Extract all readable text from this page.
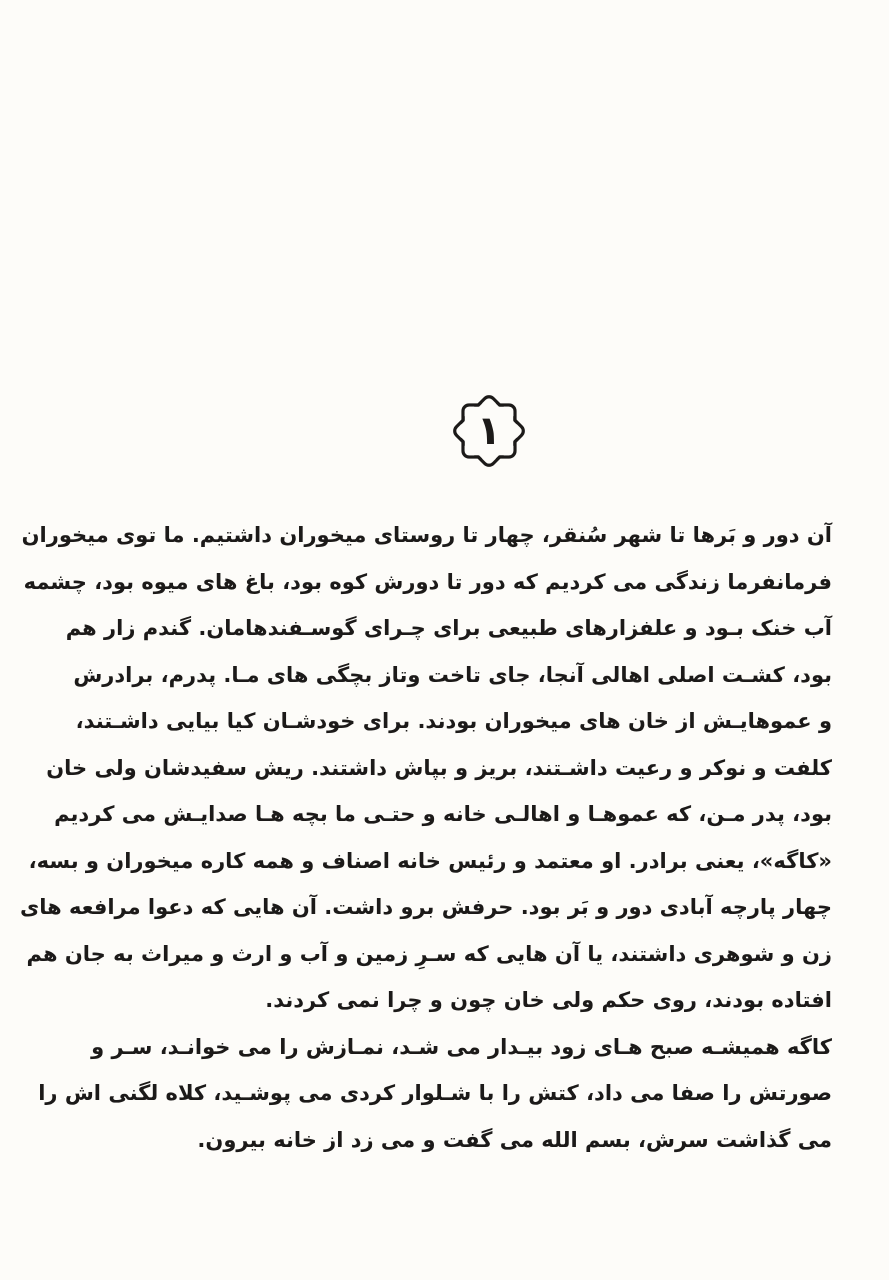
۱
آن دور و بَرها تا شهر سُنقر، چهار تا روستای میخوران داشتیم. ما توی میخوران
فرمانفرما زندگی می کردیم که دور تا دورش کوه بود، باغ های میوه بود، چشمه
آب خنک بـود و علفزارهای طبیعی برای چـرای گوسـفندهامان. گندم زار هم
بود، کشـت اصلی اهالی آنجا، جای تاخت وتاز بچگی های مـا. پدرم، برادرش
و عموهایـش از خان های میخوران بودند. برای خودشـان کیا بیایی داشـتند،
کلفت و نوکر و رعیت داشـتند، بریز و بپاش داشتند. ریش سفیدشان ولی خان
بود، پدر مـن، که عموهـا و اهالـی خانه و حتـی ما بچه هـا صدایـش می کردیم
«کاگه»، یعنی برادر. او معتمد و رئیس خانه اصناف و همه کاره میخوران و بسه،
چهار پارچه آبادی دور و بَر بود. حرفش برو داشت. آن هایی که دعوا مرافعه های
زن و شوهری داشتند، یا آن هایی که سـرِ زمین و آب و ارث و میراث به جان هم
افتاده بودند، روی حکم ولی خان چون و چرا نمی کردند.
کاگه همیشـه صبح هـای زود بیـدار می شـد، نمـازش را می خوانـد، سـر و
صورتش را صفا می داد، کتش را با شـلوار کردی می پوشـید، کلاه لگنی اش را
می گذاشت سرش، بسم الله می گفت و می زد از خانه بیرون.
